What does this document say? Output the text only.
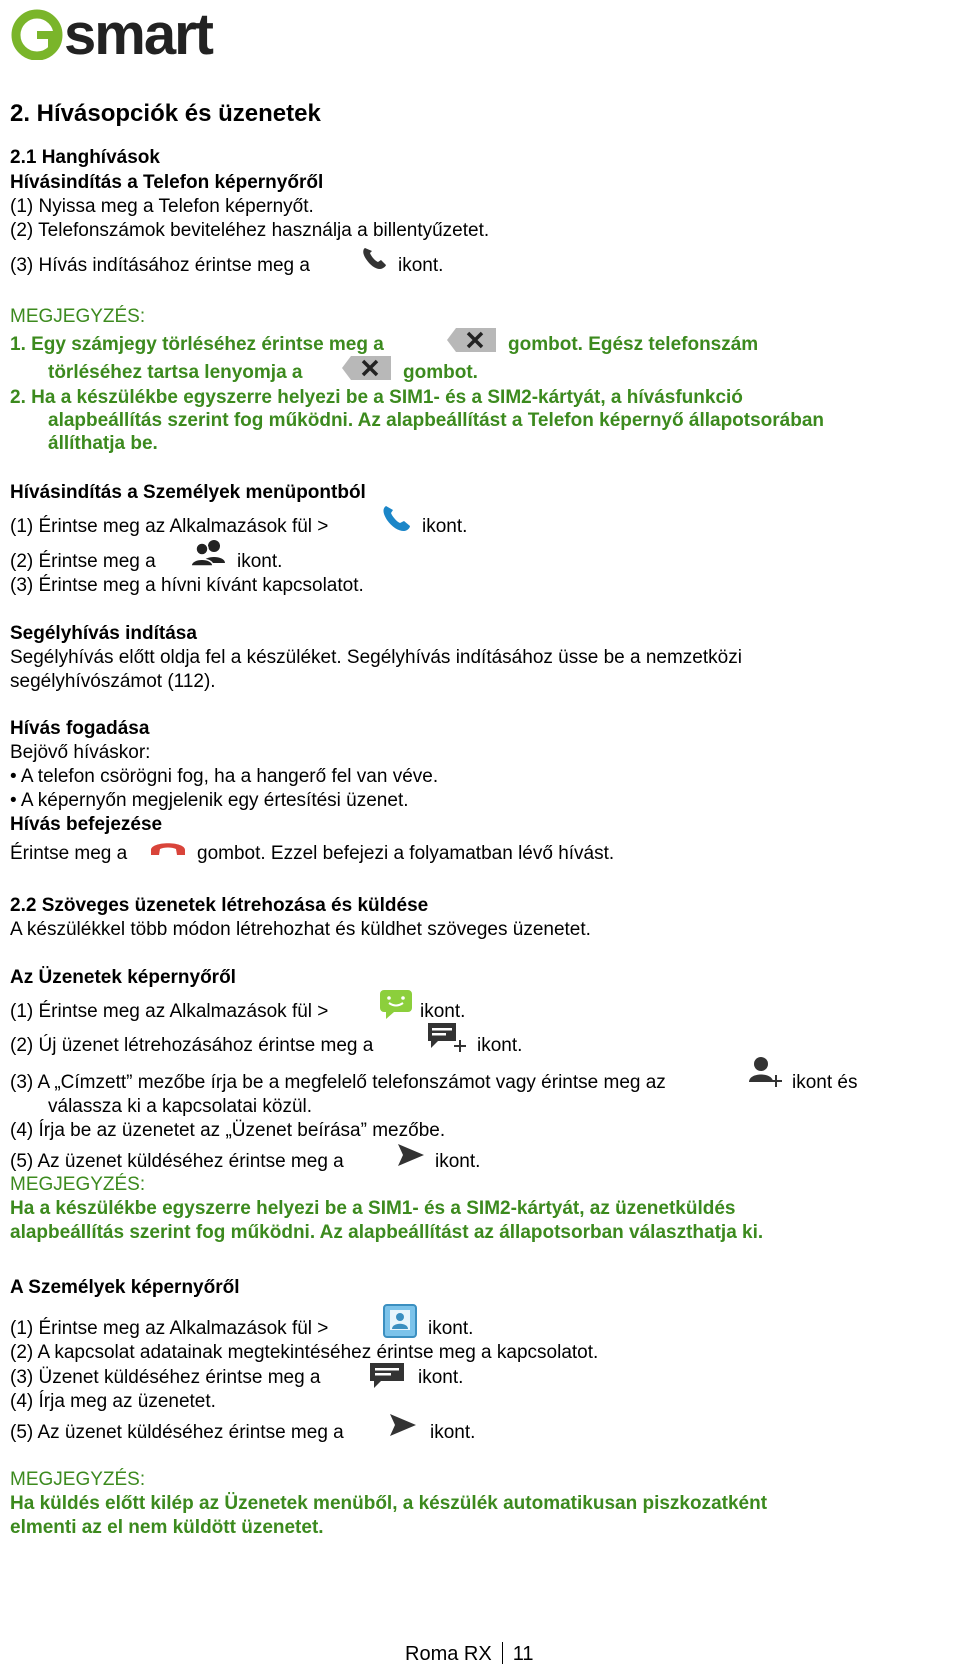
smart
2. Hívásopciók és üzenetek
2.1 Hanghívások
Hívásindítás a Telefon képernyőről
(1) Nyissa meg a Telefon képernyőt.
(2) Telefonszámok beviteléhez használja a billentyűzetet.
(3) Hívás indításához érintse meg a	ikont.
MEGJEGYZÉS:
1. Egy számjegy törléséhez érintse meg a	gombot. Egész telefonszám
törléséhez tartsa lenyomja a	gombot.
2. Ha a készülékbe egyszerre helyezi be a SIM1- és a SIM2-kártyát, a hívásfunkció
alapbeállítás szerint fog működni. Az alapbeállítást a Telefon képernyő állapotsorában
állíthatja be.
Hívásindítás a Személyek menüpontból
(1) Érintse meg az Alkalmazások fül >	ikont.
(2) Érintse meg a	ikont.
(3) Érintse meg a hívni kívánt kapcsolatot.
Segélyhívás indítása
Segélyhívás előtt oldja fel a készüléket. Segélyhívás indításához üsse be a nemzetközi
segélyhívószámot (112).
Hívás fogadása
Bejövő híváskor:
• A telefon csörögni fog, ha a hangerő fel van véve.
• A képernyőn megjelenik egy értesítési üzenet.
Hívás befejezése
Érintse meg a	gombot. Ezzel befejezi a folyamatban lévő hívást.
2.2 Szöveges üzenetek létrehozása és küldése
A készülékkel több módon létrehozhat és küldhet szöveges üzenetet.
Az Üzenetek képernyőről
(1) Érintse meg az Alkalmazások fül >	ikont.
(2) Új üzenet létrehozásához érintse meg a	ikont.
(3) A „Címzett” mezőbe írja be a megfelelő telefonszámot vagy érintse meg az	ikont és
válassza ki a kapcsolatai közül.
(4) Írja be az üzenetet az „Üzenet beírása” mezőbe.
(5) Az üzenet küldéséhez érintse meg a	ikont.
MEGJEGYZÉS:
Ha a készülékbe egyszerre helyezi be a SIM1- és a SIM2-kártyát, az üzenetküldés
alapbeállítás szerint fog működni. Az alapbeállítást az állapotsorban választhatja ki.
A Személyek képernyőről
(1) Érintse meg az Alkalmazások fül >	ikont.
(2) A kapcsolat adatainak megtekintéséhez érintse meg a kapcsolatot.
(3) Üzenet küldéséhez érintse meg a	ikont.
(4) Írja meg az üzenetet.
(5) Az üzenet küldéséhez érintse meg a	ikont.
MEGJEGYZÉS:
Ha küldés előtt kilép az Üzenetek menüből, a készülék automatikusan piszkozatként
elmenti az el nem küldött üzenetet.
Roma RX 11
